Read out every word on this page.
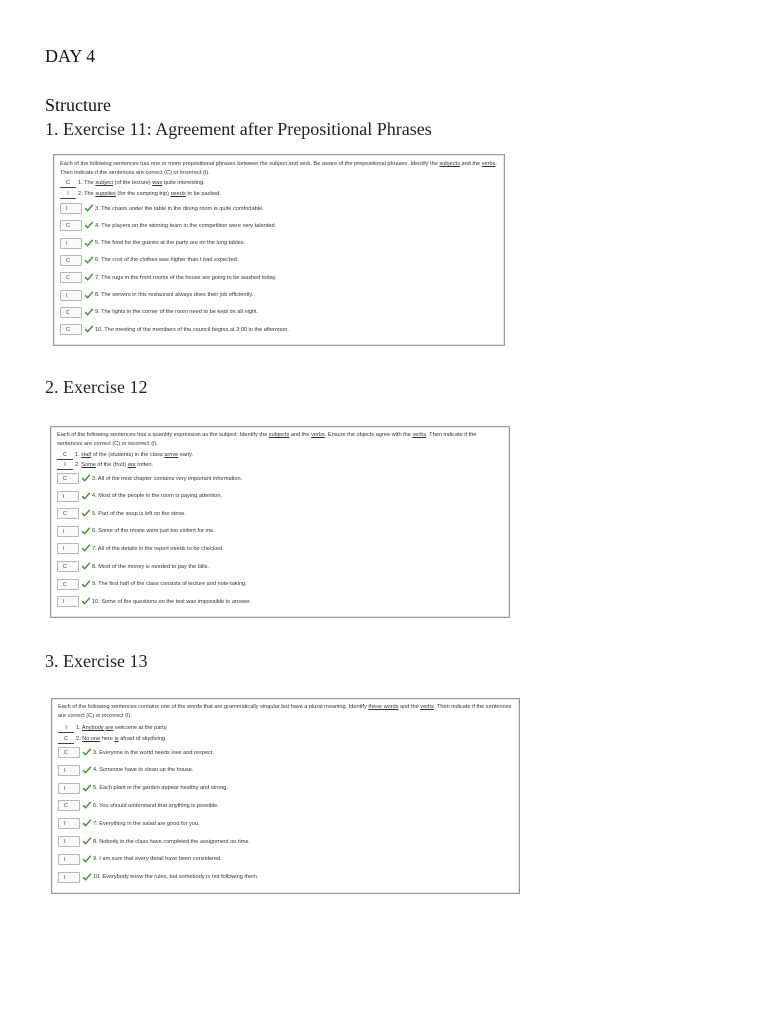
DAY 4
Structure
1. Exercise 11: Agreement after Prepositional Phrases
2. Exercise 12
3. Exercise 13
Each of the following sentences has one or more prepositional phrases between the subject and verb. Be aware of the prepositional phrases. Identify the subjects and the verbs. Then indicate if the sentences are correct (C) or incorrect (I).
C 1. The subject (of the lecture) was quite interesting.
I 2. The supplies (for the camping trip) needs to be packed.
I	3. The chairs under the table in the dining room is quite comfortable.
C	4. The players on the winning team in the competition were very talented.
I	5. The food for the guests at the party are on the long tables.
C	6. The cost of the clothes was higher than I had expected.
C	7. The rugs in the front rooms of the house are going to be washed today.
I	8. The servers in this restaurant always does their job efficiently.
C	9. The lights in the corner of the room need to be kept on all night.
C	10. The meeting of the members of the council begins at 3:00 in the afternoon.
Each of the following sentences has a quantity expression as the subject. Identify the subjects and the verbs. Ensure the objects agree with the verbs. Then indicate if the sentences are correct (C) or incorrect (I).
C 1. Half of the (students) in the class arrive early.
I 2. Some of the (fruit) are rotten.
C	3. All of the next chapter contains very important information.
I	4. Most of the people in the room is paying attention.
C	5. Part of the soup is left on the stove.
I	6. Some of the movie were just too violent for me.
I	7. All of the details in the report needs to be checked.
C	8. Most of the money is needed to pay the bills.
C	9. The first half of the class consists of lecture and note-taking.
I	10. Some of the questions on the test was impossible to answer.
Each of the following sentences contains one of the words that are grammatically singular but have a plural meaning. Identify these words and the verbs. Then indicate if the sentences are correct (C) or incorrect (I).
I 1. Anybody are welcome at the party.
C 2. No one here is afraid of skydiving.
C	3. Everyone in the world needs love and respect.
I	4. Someone have to clean up the house.
I	5. Each plant in the garden appear healthy and strong.
C	6. You should understand that anything is possible.
I	7. Everything in the salad are good for you.
I	8. Nobody in the class have completed the assignment on time.
I	9. I am sure that every detail have been considered.
I	10. Everybody know the rules, but somebody is not following them.
